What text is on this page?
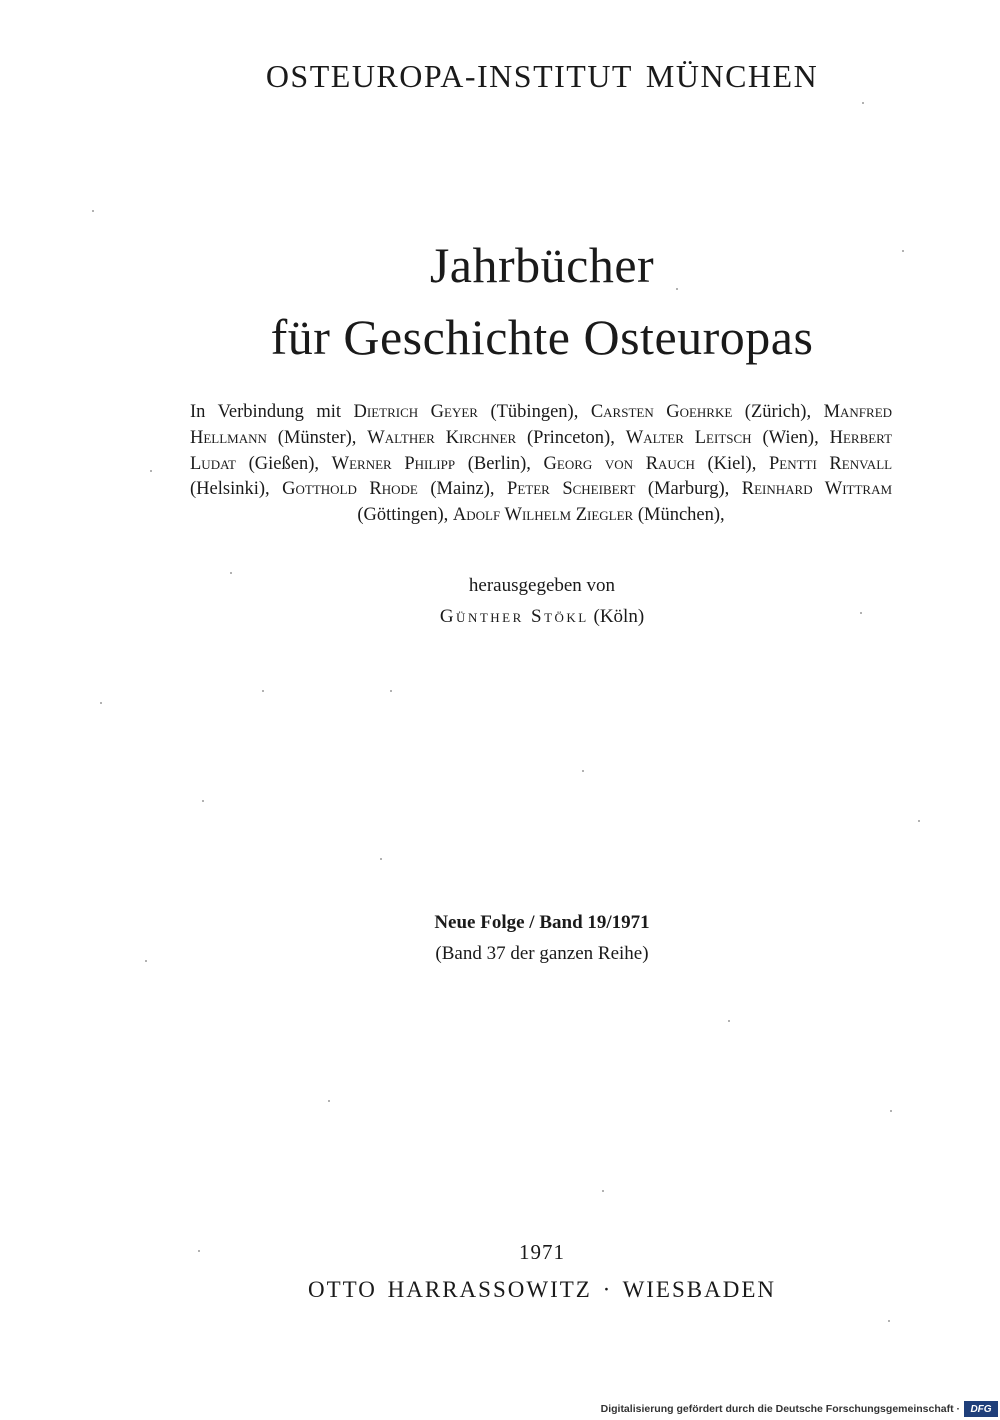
OSTEUROPA-INSTITUT MÜNCHEN
Jahrbücher
für Geschichte Osteuropas
In Verbindung mit Dietrich Geyer (Tübingen), Carsten Goehrke (Zürich), Manfred Hellmann (Münster), Walther Kirchner (Princeton), Walter Leitsch (Wien), Herbert Ludat (Gießen), Werner Philipp (Berlin), Georg von Rauch (Kiel), Pentti Renvall (Helsinki), Gotthold Rhode (Mainz), Peter Scheibert (Marburg), Reinhard Wittram (Göttingen), Adolf Wilhelm Ziegler (München),
herausgegeben von
Günther Stökl (Köln)
Neue Folge / Band 19/1971
(Band 37 der ganzen Reihe)
1971
OTTO HARRASSOWITZ · WIESBADEN
Digitalisierung gefördert durch die Deutsche Forschungsgemeinschaft ·	DFG
